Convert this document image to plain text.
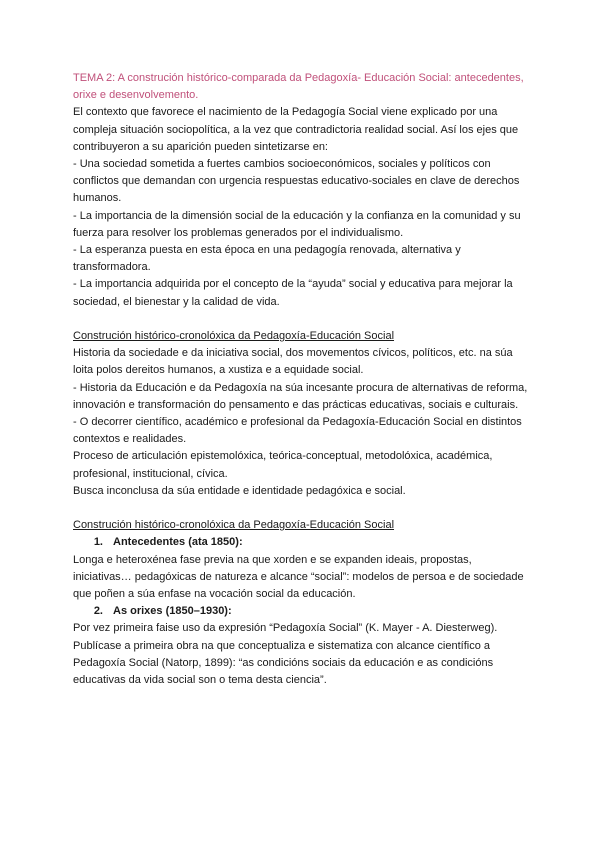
TEMA 2: A construción histórico-comparada da Pedagoxía- Educación Social: antecedentes, orixe e desenvolvemento.

El contexto que favorece el nacimiento de la Pedagogía Social viene explicado por una compleja situación sociopolítica, a la vez que contradictoria realidad social. Así los ejes que contribuyeron a su aparición pueden sintetizarse en:

- Una sociedad sometida a fuertes cambios socioeconómicos, sociales y políticos con conflictos que demandan con urgencia respuestas educativo-sociales en clave de derechos humanos.

- La importancia de la dimensión social de la educación y la confianza en la comunidad y su fuerza para resolver los problemas generados por el individualismo.

- La esperanza puesta en esta época en una pedagogía renovada, alternativa y transformadora.

- La importancia adquirida por el concepto de la “ayuda” social y educativa para mejorar la sociedad, el bienestar y la calidad de vida.

Construción histórico-cronolóxica da Pedagoxía-Educación Social

Historia da sociedade e da iniciativa social, dos movementos cívicos, políticos, etc. na súa loita polos dereitos humanos, a xustiza e a equidade social.

- Historia da Educación e da Pedagoxía na súa incesante procura de alternativas de reforma, innovación e transformación do pensamento e das prácticas educativas, sociais e culturais.

- O decorrer científico, académico e profesional da Pedagoxía-Educación Social en distintos contextos e realidades.

Proceso de articulación epistemolóxica, teórica-conceptual, metodolóxica, académica, profesional, institucional, cívica.

Busca inconclusa da súa entidade e identidade pedagóxica e social.

Construción histórico-cronolóxica da Pedagoxía-Educación Social

1. Antecedentes (ata 1850):

Longa e heteroxénea fase previa na que xorden e se expanden ideais, propostas, iniciativas… pedagóxicas de natureza e alcance “social”: modelos de persoa e de sociedade que poñen a súa enfase na vocación social da educación.

2. As orixes (1850–1930):

Por vez primeira faise uso da expresión “Pedagoxía Social” (K. Mayer - A. Diesterweg).

Publícase a primeira obra na que conceptualiza e sistematiza con alcance científico a Pedagoxía Social (Natorp, 1899): “as condicións sociais da educación e as condicións educativas da vida social son o tema desta ciencia”.
